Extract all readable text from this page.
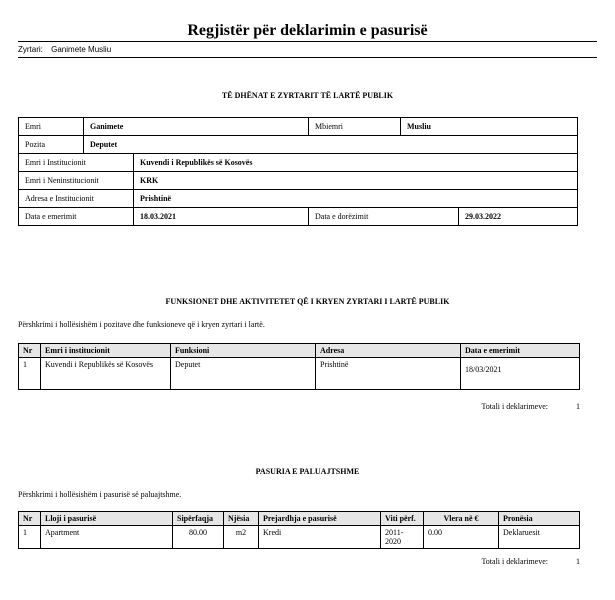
Regjistër për deklarimin e pasurisë
Zyrtari: Ganimete Musliu
TË DHËNAT E ZYRTARIT TË LARTË PUBLIK
Emri	Ganimete		Mbiemri	Musliu	
Pozita	Deputet				
Emri i Institucionit		Kuvendi i Republikës së Kosovës			
Emri i Neninstitucionit		KRK			
Adresa e Institucionit		Prishtinë			
Data e emerimit		18.03.2021	Data e dorëzimit		29.03.2022
FUNKSIONET DHE AKTIVITETET QË I KRYEN ZYRTARI I LARTË PUBLIK
Përshkrimi i hollësishëm i pozitave dhe funksioneve që i kryen zyrtari i lartë.
Nr	Emri i institucionit	Funksioni	Adresa	Data e emerimit
1	Kuvendi i Republikës së Kosovës	Deputet	Prishtinë	18/03/2021
Totali i deklarimeve:	1
PASURIA E PALUAJTSHME
Përshkrimi i hollësishëm i pasurisë së paluajtshme.
Nr	Lloji i pasurisë	Sipërfaqja	Njësia	Prejardhja e pasurisë	Viti përf.	Vlera në €	Pronësia
1	Apartment	80.00	m2	Kredi	2011-2020	0.00	Deklaruesit
Totali i deklarimeve:	1
